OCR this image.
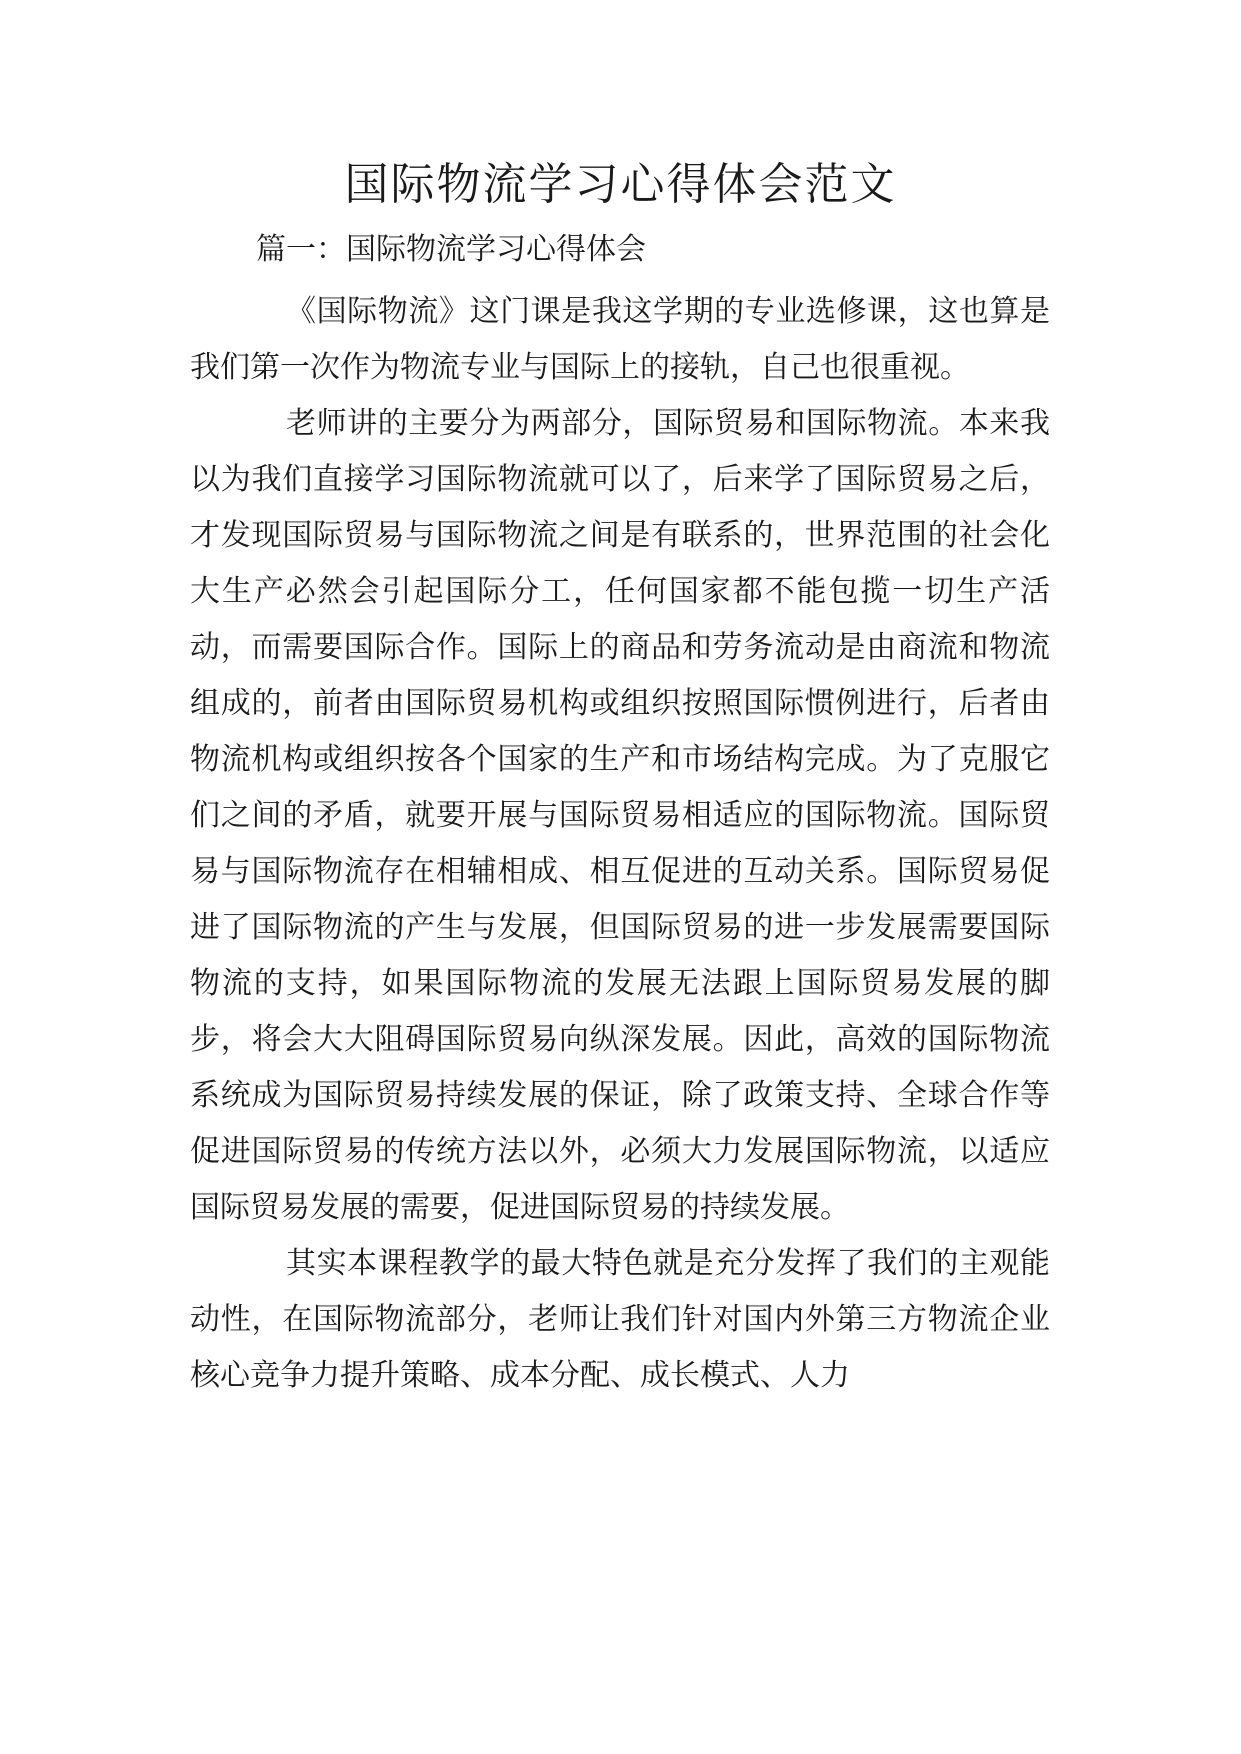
国际物流学习心得体会范文

篇一：国际物流学习心得体会

《国际物流》这门课是我这学期的专业选修课，这也算是我们第一次作为物流专业与国际上的接轨，自己也很重视。

老师讲的主要分为两部分，国际贸易和国际物流。本来我以为我们直接学习国际物流就可以了，后来学了国际贸易之后，才发现国际贸易与国际物流之间是有联系的，世界范围的社会化大生产必然会引起国际分工，任何国家都不能包揽一切生产活动，而需要国际合作。国际上的商品和劳务流动是由商流和物流组成的，前者由国际贸易机构或组织按照国际惯例进行，后者由物流机构或组织按各个国家的生产和市场结构完成。为了克服它们之间的矛盾，就要开展与国际贸易相适应的国际物流。国际贸易与国际物流存在相辅相成、相互促进的互动关系。国际贸易促进了国际物流的产生与发展，但国际贸易的进一步发展需要国际物流的支持，如果国际物流的发展无法跟上国际贸易发展的脚步，将会大大阻碍国际贸易向纵深发展。因此，高效的国际物流系统成为国际贸易持续发展的保证，除了政策支持、全球合作等促进国际贸易的传统方法以外，必须大力发展国际物流，以适应国际贸易发展的需要，促进国际贸易的持续发展。

其实本课程教学的最大特色就是充分发挥了我们的主观能动性，在国际物流部分，老师让我们针对国内外第三方物流企业核心竞争力提升策略、成本分配、成长模式、人力
